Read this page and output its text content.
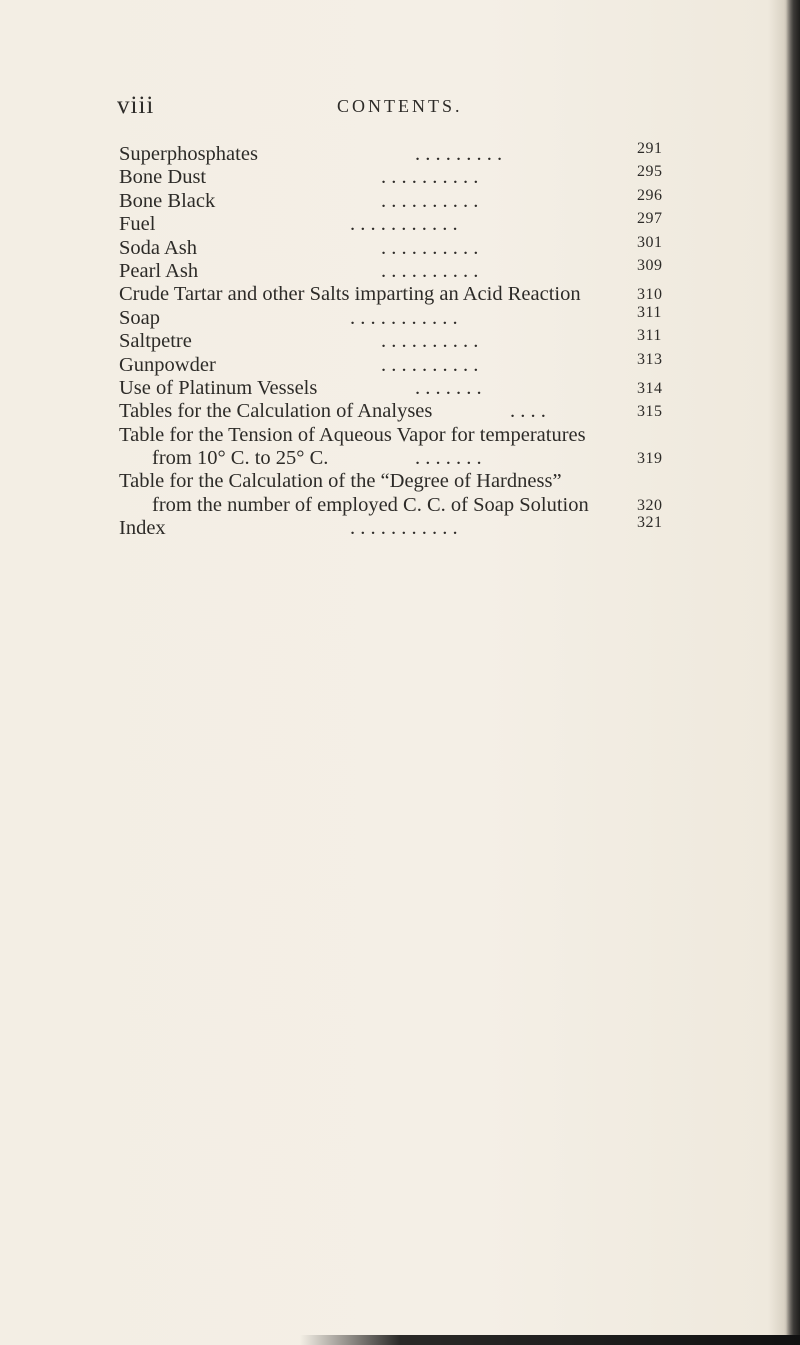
viii	CONTENTS.
Superphosphates	. . . . . . . . .	291
Bone Dust	. . . . . . . . . .	295
Bone Black	. . . . . . . . . .	296
Fuel	. . . . . . . . . . .	297
Soda Ash	. . . . . . . . . .	301
Pearl Ash	. . . . . . . . . .	309
Crude Tartar and other Salts imparting an Acid Reaction	310
Soap	. . . . . . . . . . .	311
Saltpetre	. . . . . . . . . .	311
Gunpowder	. . . . . . . . . .	313
Use of Platinum Vessels	. . . . . . .	314
Tables for the Calculation of Analyses	. . . .	315
Table for the Tension of Aqueous Vapor for temperatures
from 10° C. to 25° C.	. . . . . . .	319
Table for the Calculation of the “Degree of Hardness”
from the number of employed C. C. of Soap Solution	320
Index	. . . . . . . . . . .	321
